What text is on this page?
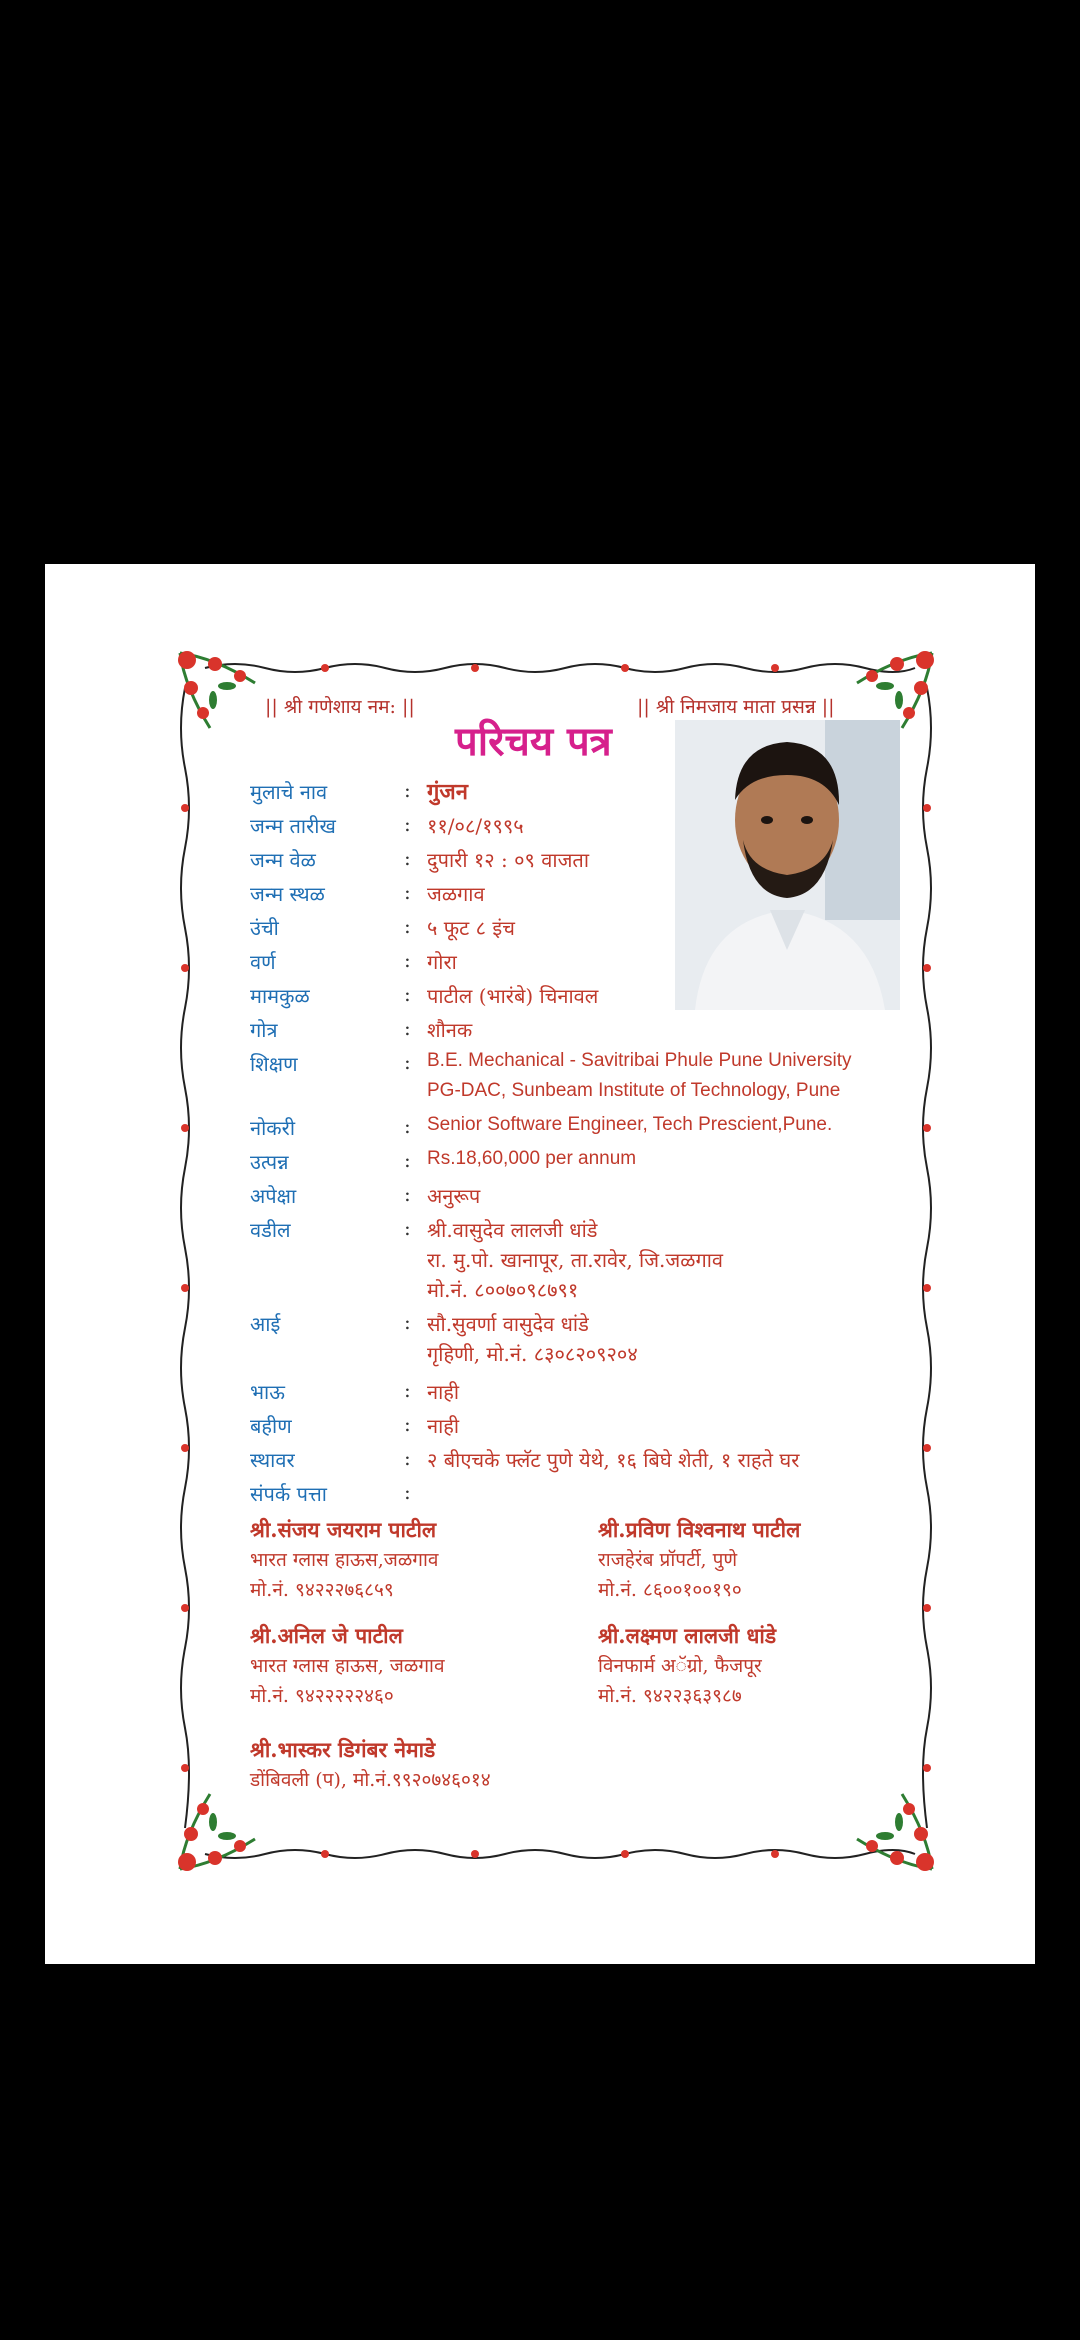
|| श्री गणेशाय नम: ||	|| श्री निमजाय माता प्रसन्न ||
परिचय पत्र
मुलाचे नाव	: गुंजन
जन्म तारीख	: ११/०८/१९९५
जन्म वेळ	: दुपारी १२ : ०९ वाजता
जन्म स्थळ	: जळगाव
उंची	: ५ फूट ८ इंच
वर्ण	: गोरा
मामकुळ	: पाटील (भारंबे) चिनावल
गोत्र	: शौनक
शिक्षण	: B.E. Mechanical - Savitribai Phule Pune University
PG-DAC, Sunbeam Institute of Technology, Pune
नोकरी	: Senior Software Engineer, Tech Prescient,Pune.
उत्पन्न	: Rs.18,60,000 per annum
अपेक्षा	: अनुरूप
वडील	: श्री.वासुदेव लालजी धांडे
रा. मु.पो. खानापूर, ता.रावेर, जि.जळगाव
मो.नं. ८००७०९८७९१
आई	: सौ.सुवर्णा वासुदेव धांडे
गृहिणी, मो.नं. ८३०८२०९२०४
भाऊ	: नाही
बहीण	: नाही
स्थावर	: २ बीएचके फ्लॅट पुणे येथे, १६ बिघे शेती, १ राहते घर
संपर्क पत्ता	:
श्री.संजय जयराम पाटील
भारत ग्लास हाऊस,जळगाव
मो.नं. ९४२२२७६८५९
श्री.प्रविण विश्वनाथ पाटील
राजहेरंब प्रॉपर्टी, पुणे
मो.नं. ८६००१००१९०
श्री.अनिल जे पाटील
भारत ग्लास हाऊस, जळगाव
मो.नं. ९४२२२२२४६०
श्री.लक्ष्मण लालजी धांडे
विनफार्म अॅग्रो, फैजपूर
मो.नं. ९४२२३६३९८७
श्री.भास्कर डिगंबर नेमाडे
डोंबिवली (प), मो.नं.९९२०७४६०१४
